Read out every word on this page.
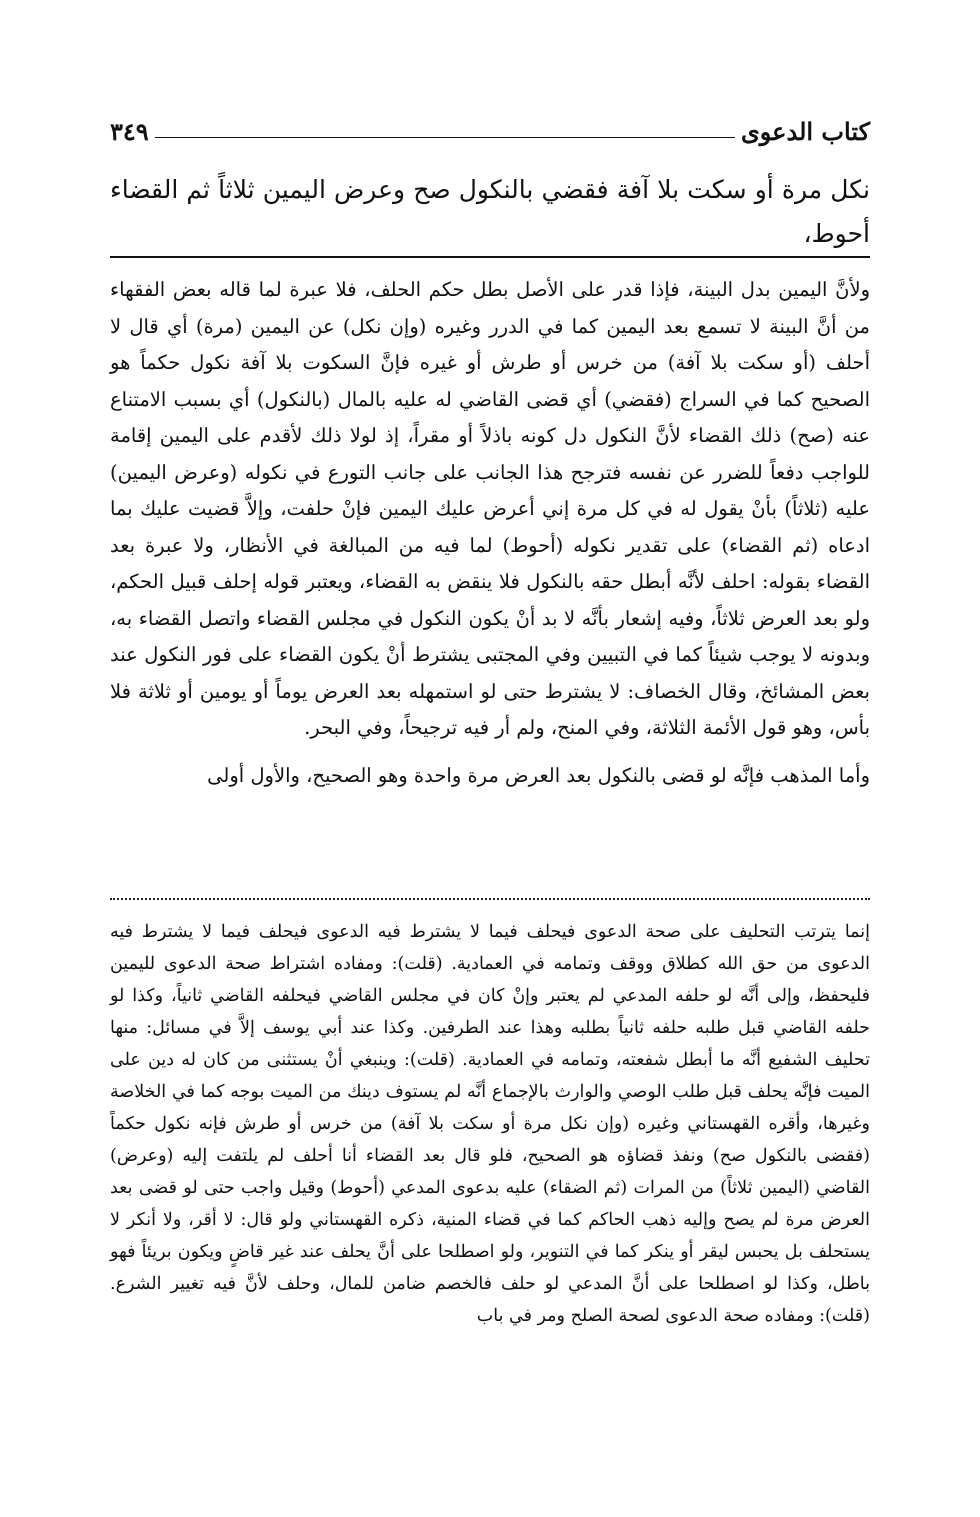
كتاب الدعوى
٣٤٩
نكل مرة أو سكت بلا آفة فقضي بالنكول صح وعرض اليمين ثلاثاً ثم القضاء أحوط،

ولأنَّ اليمين بدل البينة، فإذا قدر على الأصل بطل حكم الحلف، فلا عبرة لما قاله بعض الفقهاء من أنَّ البينة لا تسمع بعد اليمين كما في الدرر وغيره (وإن نكل) عن اليمين (مرة) أي قال لا أحلف (أو سكت بلا آفة) من خرس أو طرش أو غيره فإنَّ السكوت بلا آفة نكول حكماً هو الصحيح كما في السراج (فقضي) أي قضى القاضي له عليه بالمال (بالنكول) أي بسبب الامتناع عنه (صح) ذلك القضاء لأنَّ النكول دل كونه باذلاً أو مقراً، إذ لولا ذلك لأقدم على اليمين إقامة للواجب دفعاً للضرر عن نفسه فترجح هذا الجانب على جانب التورع في نكوله (وعرض اليمين) عليه (ثلاثاً) بأنْ يقول له في كل مرة إني أعرض عليك اليمين فإنْ حلفت، وإلاَّ قضيت عليك بما ادعاه (ثم القضاء) على تقدير نكوله (أحوط) لما فيه من المبالغة في الأنظار، ولا عبرة بعد القضاء بقوله: احلف لأنَّه أبطل حقه بالنكول فلا ينقض به القضاء، ويعتبر قوله إحلف قبيل الحكم، ولو بعد العرض ثلاثاً، وفيه إشعار بأنَّه لا بد أنْ يكون النكول في مجلس القضاء واتصل القضاء به، وبدونه لا يوجب شيئاً كما في التبيين وفي المجتبى يشترط أنْ يكون القضاء على فور النكول عند بعض المشائخ، وقال الخصاف: لا يشترط حتى لو استمهله بعد العرض يوماً أو يومين أو ثلاثة فلا بأس، وهو قول الأئمة الثلاثة، وفي المنح، ولم أر فيه ترجيحاً، وفي البحر.

وأما المذهب فإنَّه لو قضى بالنكول بعد العرض مرة واحدة وهو الصحيح، والأول أولى

إنما يترتب التحليف على صحة الدعوى فيحلف فيما لا يشترط فيه الدعوى فيحلف فيما لا يشترط فيه الدعوى من حق الله كطلاق ووقف وتمامه في العمادية. (قلت): ومفاده اشتراط صحة الدعوى لليمين فليحفظ، وإلى أنَّه لو حلفه المدعي لم يعتبر وإنْ كان في مجلس القاضي فيحلفه القاضي ثانياً، وكذا لو حلفه القاضي قبل طلبه حلفه ثانياً بطلبه وهذا عند الطرفين. وكذا عند أبي يوسف إلاَّ في مسائل: منها تحليف الشفيع أنَّه ما أبطل شفعته، وتمامه في العمادية. (قلت): وينبغي أنْ يستثنى من كان له دين على الميت فإنَّه يحلف قبل طلب الوصي والوارث بالإجماع أنَّه لم يستوف دينك من الميت بوجه كما في الخلاصة وغيرها، وأقره القهستاني وغيره (وإن نكل مرة أو سكت بلا آفة) من خرس أو طرش فإنه نكول حكماً (فقضى بالنكول صح) ونفذ قضاؤه هو الصحيح، فلو قال بعد القضاء أنا أحلف لم يلتفت إليه (وعرض) القاضي (اليمين ثلاثاً) من المرات (ثم الضقاء) عليه بدعوى المدعي (أحوط) وقيل واجب حتى لو قضى بعد العرض مرة لم يصح وإليه ذهب الحاكم كما في قضاء المنية، ذكره القهستاني ولو قال: لا أقر، ولا أنكر لا يستحلف بل يحبس ليقر أو ينكر كما في التنوير، ولو اصطلحا على أنَّ يحلف عند غير قاضٍ ويكون بريئاً فهو باطل، وكذا لو اصطلحا على أنَّ المدعي لو حلف فالخصم ضامن للمال، وحلف لأنَّ فيه تغيير الشرع. (قلت): ومفاده صحة الدعوى لصحة الصلح ومر في باب
